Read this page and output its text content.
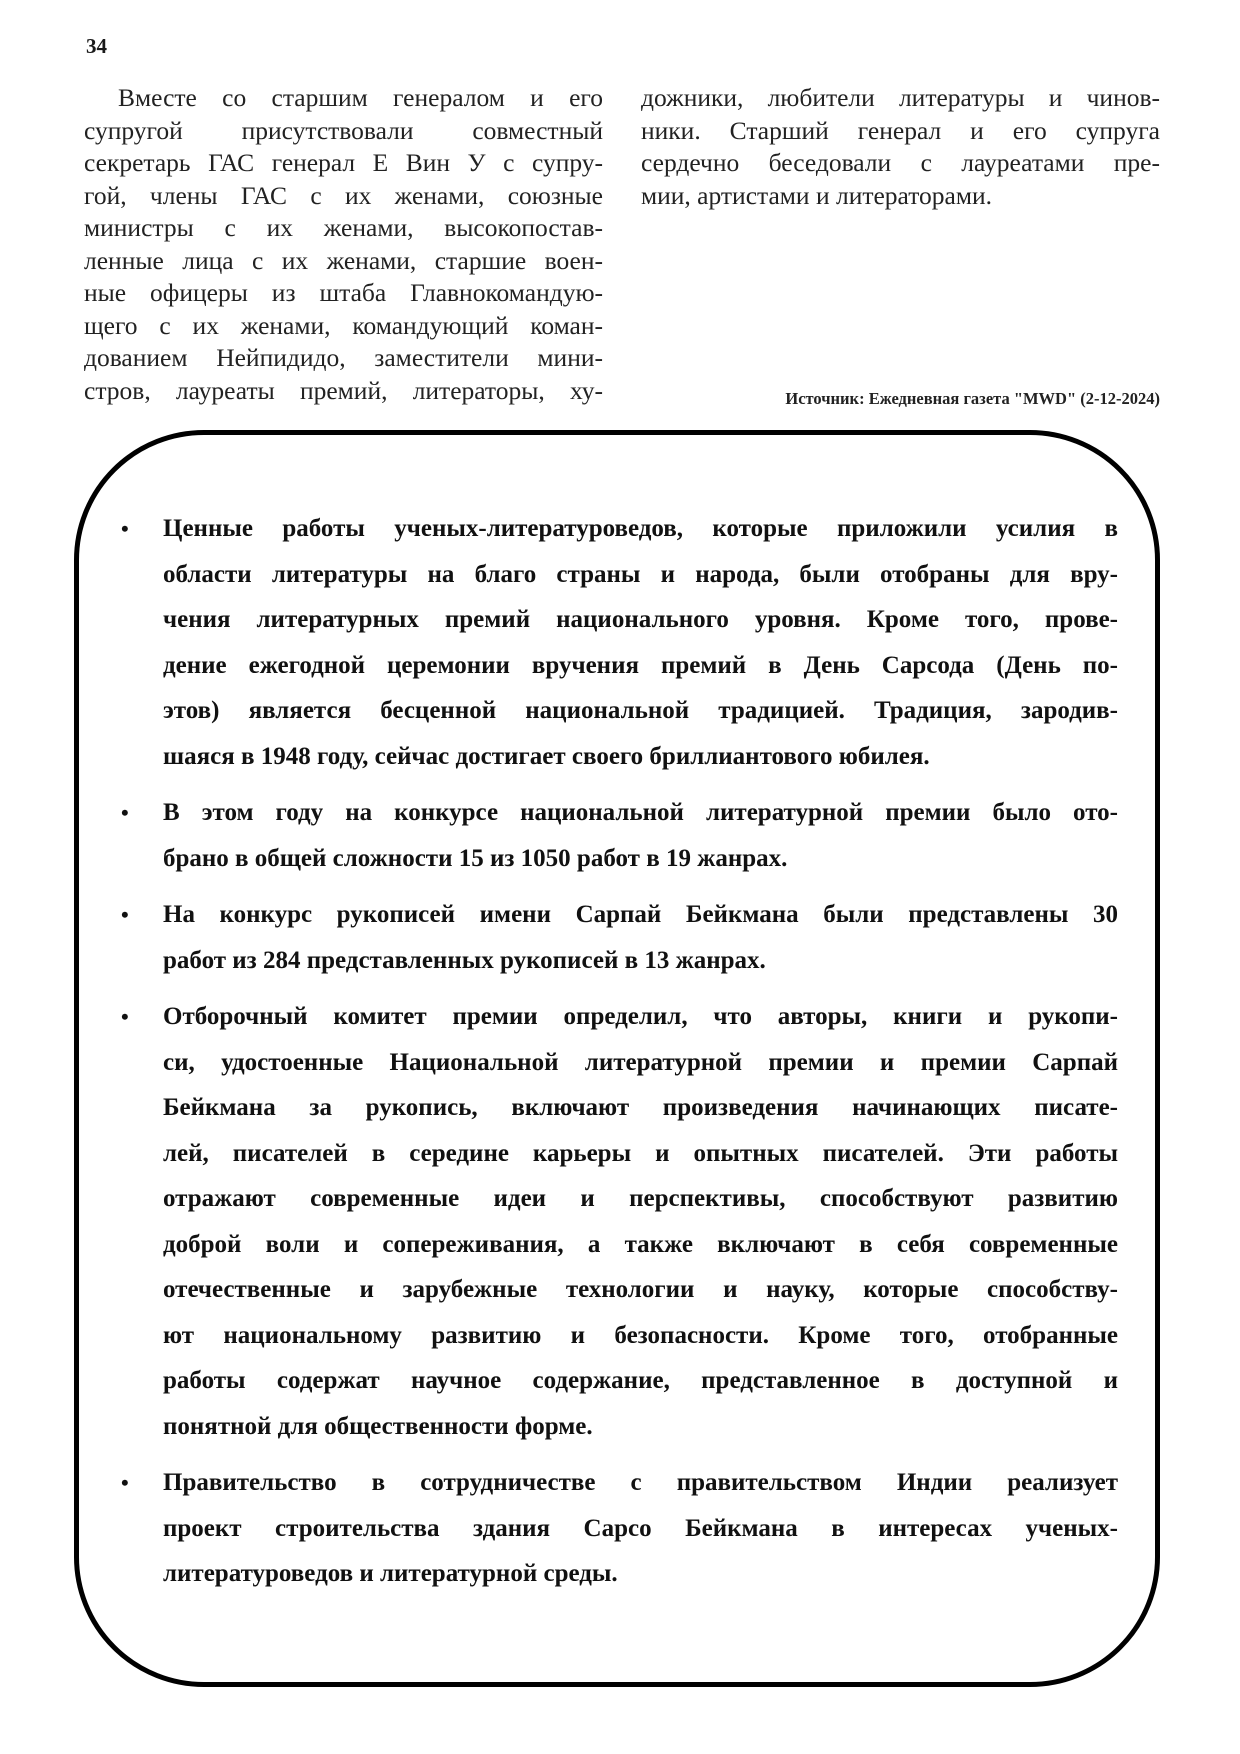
34
Вместе со старшим генералом и его
супругой присутствовали совместный
секретарь ГАС генерал Е Вин У с супру-
гой, члены ГАС с их женами, союзные
министры с их женами, высокопостав-
ленные лица с их женами, старшие воен-
ные офицеры из штаба Главнокомандую-
щего с их женами, командующий коман-
дованием Нейпидидо, заместители мини-
стров, лауреаты премий, литераторы, ху-
дожники, любители литературы и чинов-
ники. Старший генерал и его супруга
сердечно беседовали с лауреатами пре-
мии, артистами и литераторами.
Источник: Ежедневная газета "MWD" (2-12-2024)
• Ценные работы ученых-литературоведов, которые приложили усилия в
области литературы на благо страны и народа, были отобраны для вру-
чения литературных премий национального уровня. Кроме того, прове-
дение ежегодной церемонии вручения премий в День Сарсода (День по-
этов) является бесценной национальной традицией. Традиция, зародив-
шаяся в 1948 году, сейчас достигает своего бриллиантового юбилея.
• В этом году на конкурсе национальной литературной премии было ото-
брано в общей сложности 15 из 1050 работ в 19 жанрах.
• На конкурс рукописей имени Сарпай Бейкмана были представлены 30
работ из 284 представленных рукописей в 13 жанрах.
• Отборочный комитет премии определил, что авторы, книги и рукопи-
си, удостоенные Национальной литературной премии и премии Сарпай
Бейкмана за рукопись, включают произведения начинающих писате-
лей, писателей в середине карьеры и опытных писателей. Эти работы
отражают современные идеи и перспективы, способствуют развитию
доброй воли и сопереживания, а также включают в себя современные
отечественные и зарубежные технологии и науку, которые способству-
ют национальному развитию и безопасности. Кроме того, отобранные
работы содержат научное содержание, представленное в доступной и
понятной для общественности форме.
• Правительство в сотрудничестве с правительством Индии реализует
проект строительства здания Сарсо Бейкмана в интересах ученых-
литературоведов и литературной среды.
